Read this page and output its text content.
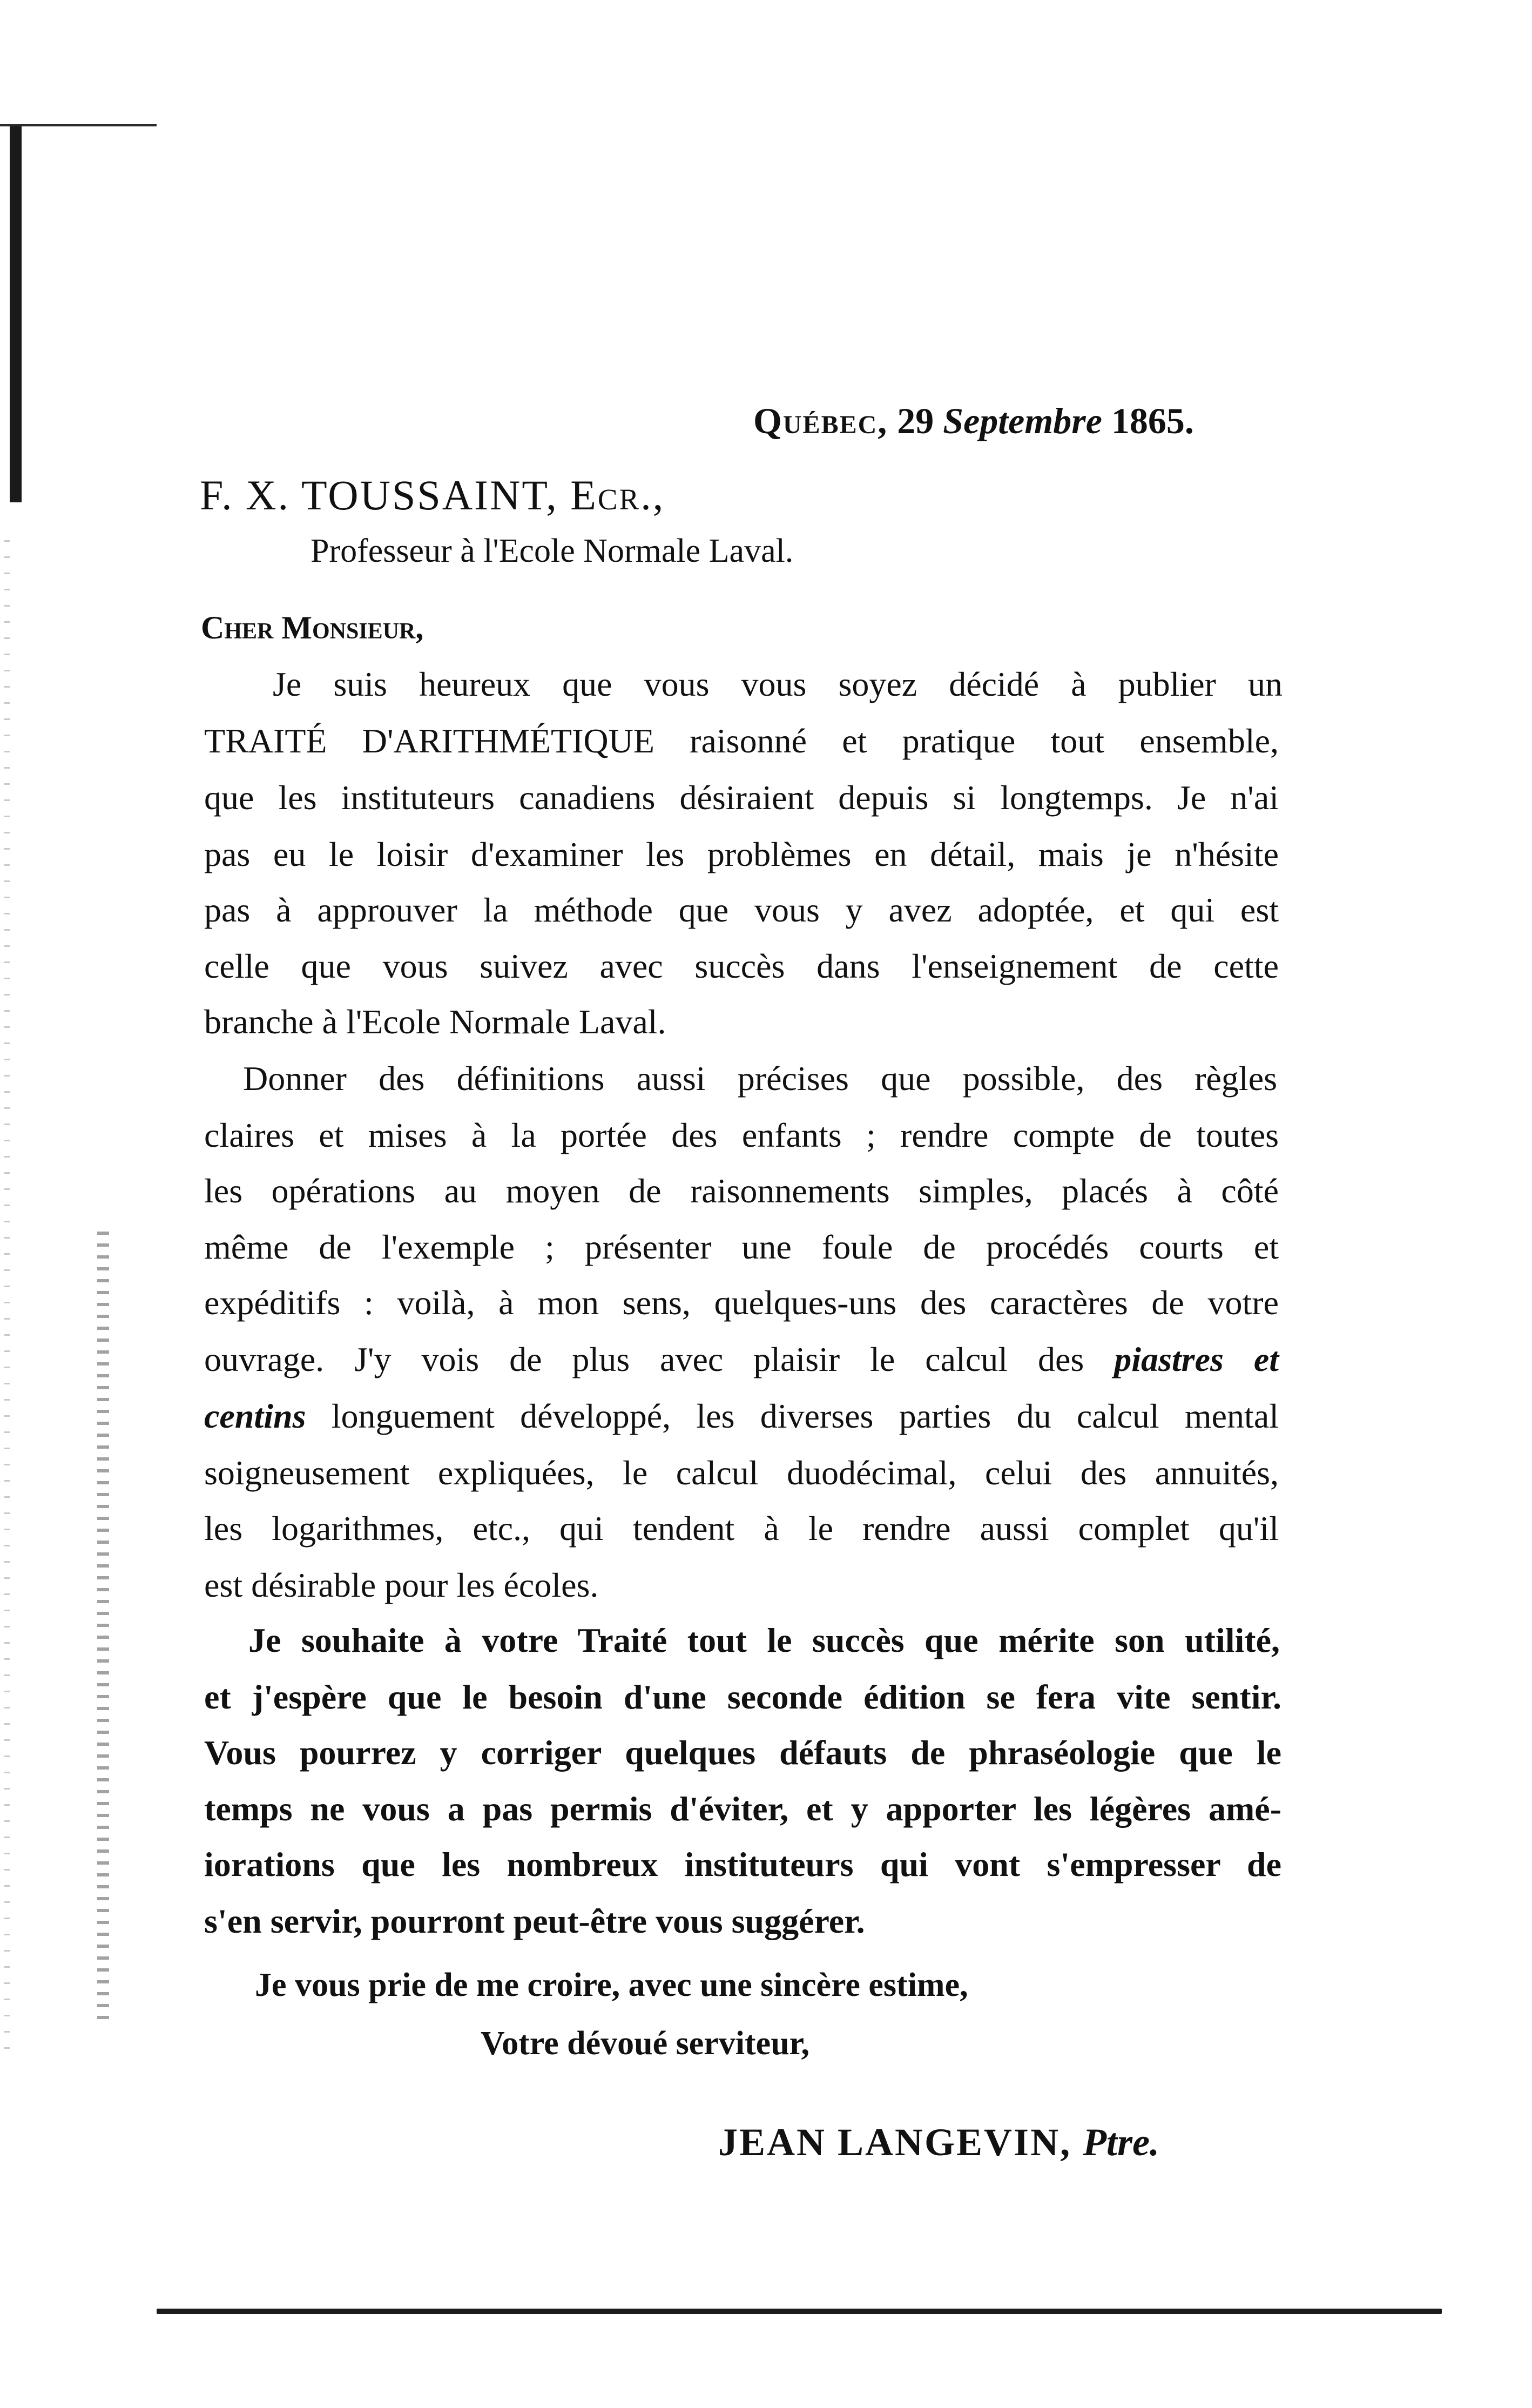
Québec, 29 Septembre 1865.
F. X. TOUSSAINT, Ecr.,
Professeur à l'Ecole Normale Laval.
Cher Monsieur,
Je suis heureux que vous vous soyez décidé à publier un
TRAITÉ D'ARITHMÉTIQUE raisonné et pratique tout ensemble,
que les instituteurs canadiens désiraient depuis si longtemps. Je n'ai
pas eu le loisir d'examiner les problèmes en détail, mais je n'hésite
pas à approuver la méthode que vous y avez adoptée, et qui est
celle que vous suivez avec succès dans l'enseignement de cette
branche à l'Ecole Normale Laval.
Donner des définitions aussi précises que possible, des règles
claires et mises à la portée des enfants ; rendre compte de toutes
les opérations au moyen de raisonnements simples, placés à côté
même de l'exemple ; présenter une foule de procédés courts et
expéditifs : voilà, à mon sens, quelques-uns des caractères de votre
ouvrage. J'y vois de plus avec plaisir le calcul des piastres et
centins longuement développé, les diverses parties du calcul mental
soigneusement expliquées, le calcul duodécimal, celui des annuités,
les logarithmes, etc., qui tendent à le rendre aussi complet qu'il
est désirable pour les écoles.
Je souhaite à votre Traité tout le succès que mérite son utilité,
et j'espère que le besoin d'une seconde édition se fera vite sentir.
Vous pourrez y corriger quelques défauts de phraséologie que le
temps ne vous a pas permis d'éviter, et y apporter les légères amé-
iorations que les nombreux instituteurs qui vont s'empresser de
s'en servir, pourront peut-être vous suggérer.
Je vous prie de me croire, avec une sincère estime,
Votre dévoué serviteur,
JEAN LANGEVIN, Ptre.
